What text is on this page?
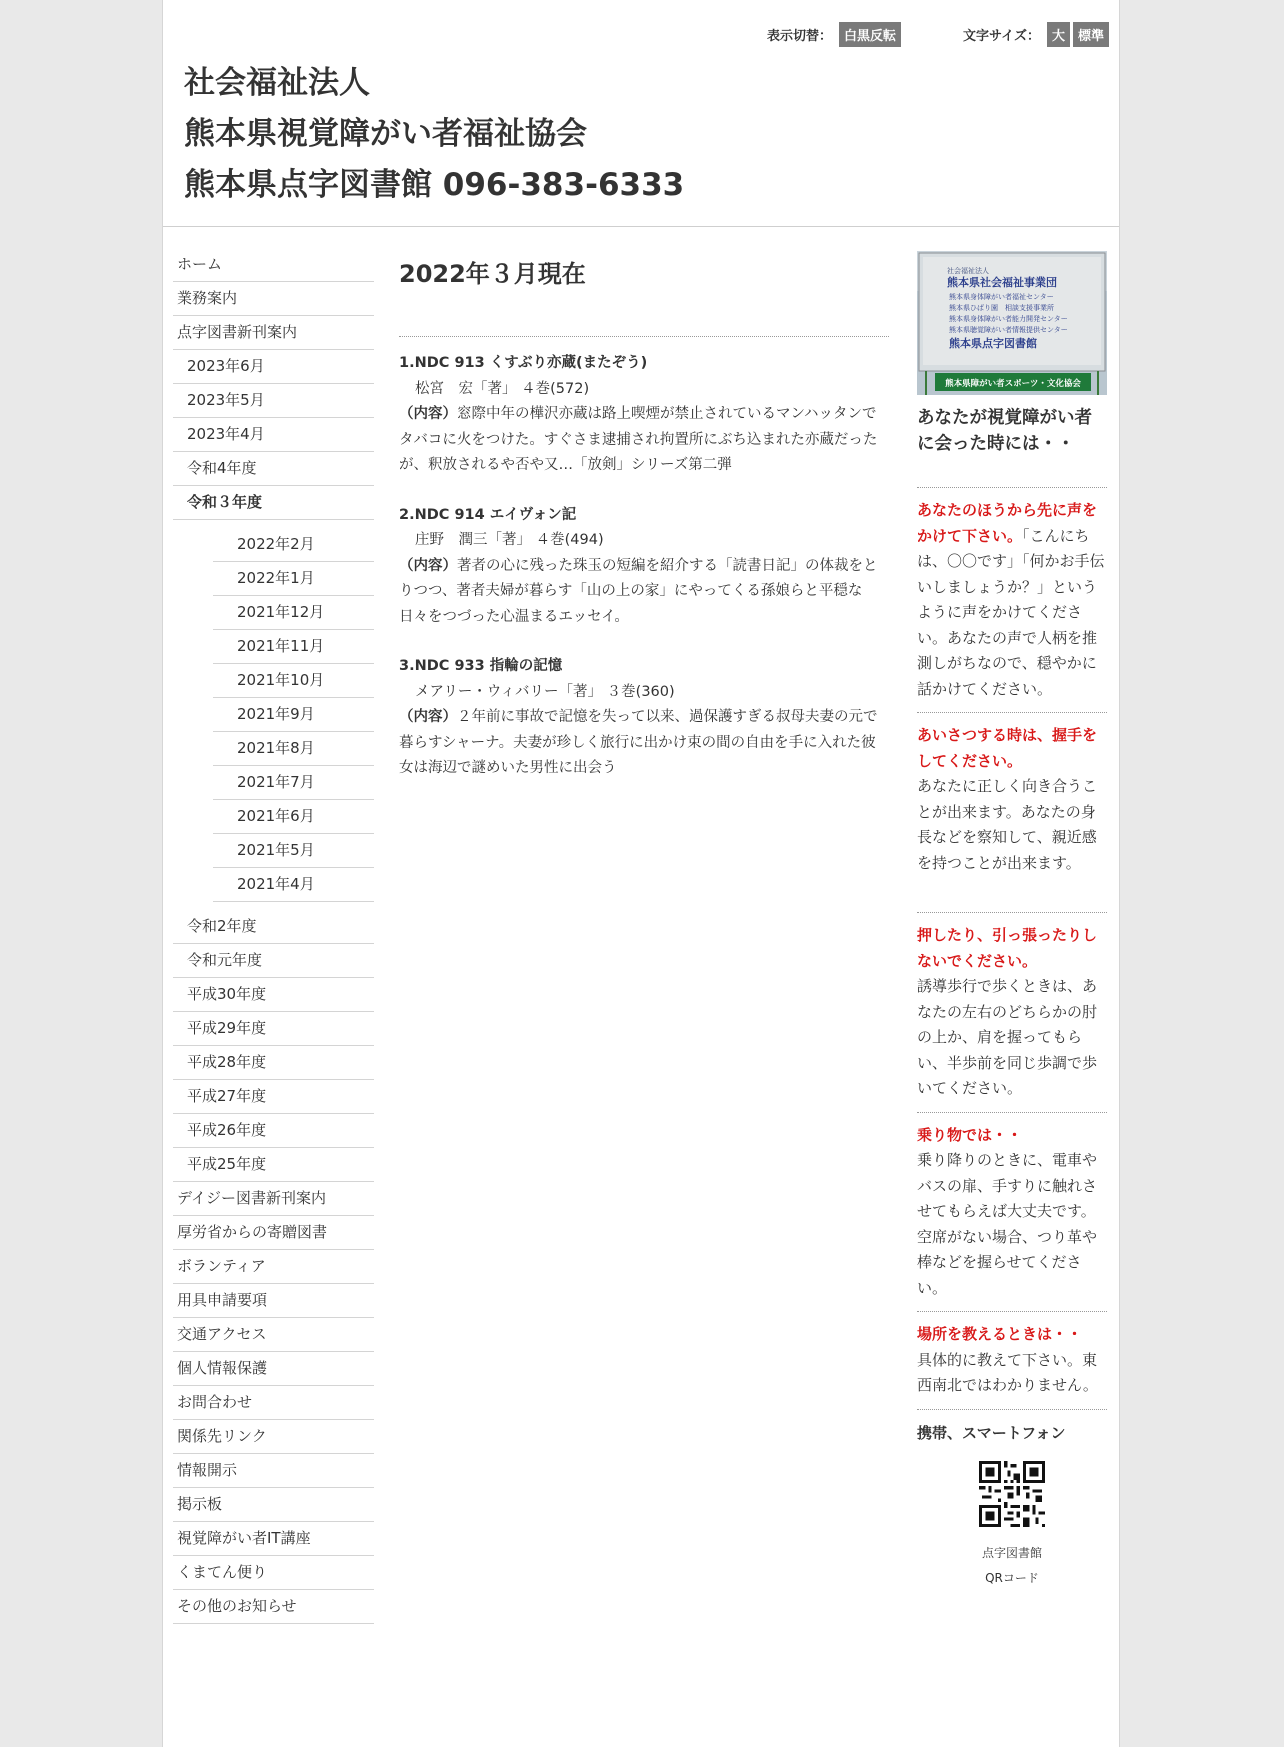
表示切替： 白黒反転	文字サイズ： 大	標準
社会福祉法人
熊本県視覚障がい者福祉協会
熊本県点字図書館 096-383-6333
ホーム
業務案内
点字図書新刊案内
2023年6月
2023年5月
2023年4月
令和4年度
令和３年度
2022年2月
2022年1月
2021年12月
2021年11月
2021年10月
2021年9月
2021年8月
2021年7月
2021年6月
2021年5月
2021年4月
令和2年度
令和元年度
平成30年度
平成29年度
平成28年度
平成27年度
平成26年度
平成25年度
デイジー図書新刊案内
厚労省からの寄贈図書
ボランティア
用具申請要項
交通アクセス
個人情報保護
お問合わせ
関係先リンク
情報開示
掲示板
視覚障がい者IT講座
くまてん便り
その他のお知らせ
2022年３月現在
1.NDC 913 くすぶり亦蔵(またぞう)
松宮　宏「著」 ４巻(572)
（内容）窓際中年の樺沢亦蔵は路上喫煙が禁止されているマンハッタンでタバコに火をつけた。すぐさま逮捕され拘置所にぶち込まれた亦蔵だったが、釈放されるや否や又…「放剣」シリーズ第二弾
2.NDC 914 エイヴォン記
庄野　潤三「著」 ４巻(494)
（内容）著者の心に残った珠玉の短編を紹介する「読書日記」の体裁をとりつつ、著者夫婦が暮らす「山の上の家」にやってくる孫娘らと平穏な日々をつづった心温まるエッセイ。
3.NDC 933 指輪の記憶
メアリー・ウィバリー「著」 ３巻(360)
（内容）２年前に事故で記憶を失って以来、過保護すぎる叔母夫妻の元で暮らすシャーナ。夫妻が珍しく旅行に出かけ束の間の自由を手に入れた彼女は海辺で謎めいた男性に出会う
社会福祉法人
熊本県社会福祉事業団
熊本県身体障がい者福祉センター
熊本県ひばり園　相談支援事業所
熊本県身体障がい者能力開発センター
熊本県聴覚障がい者情報提供センター
熊本県点字図書館
熊本県障がい者スポーツ・文化協会
あなたが視覚障がい者に会った時には・・
あなたのほうから先に声をかけて下さい。「こんにちは、〇〇です」「何かお手伝いしましょうか？」というように声をかけてください。あなたの声で人柄を推測しがちなので、穏やかに話かけてください。
あいさつする時は、握手をしてください。
あなたに正しく向き合うことが出来ます。あなたの身長などを察知して、親近感を持つことが出来ます。
押したり、引っ張ったりしないでください。
誘導歩行で歩くときは、あなたの左右のどちらかの肘の上か、肩を握ってもらい、半歩前を同じ歩調で歩いてください。
乗り物では・・
乗り降りのときに、電車やバスの扉、手すりに触れさせてもらえば大丈夫です。空席がない場合、つり革や棒などを握らせてください。
場所を教えるときは・・
具体的に教えて下さい。東西南北ではわかりません。
携帯、スマートフォン
点字図書館
QRコード
